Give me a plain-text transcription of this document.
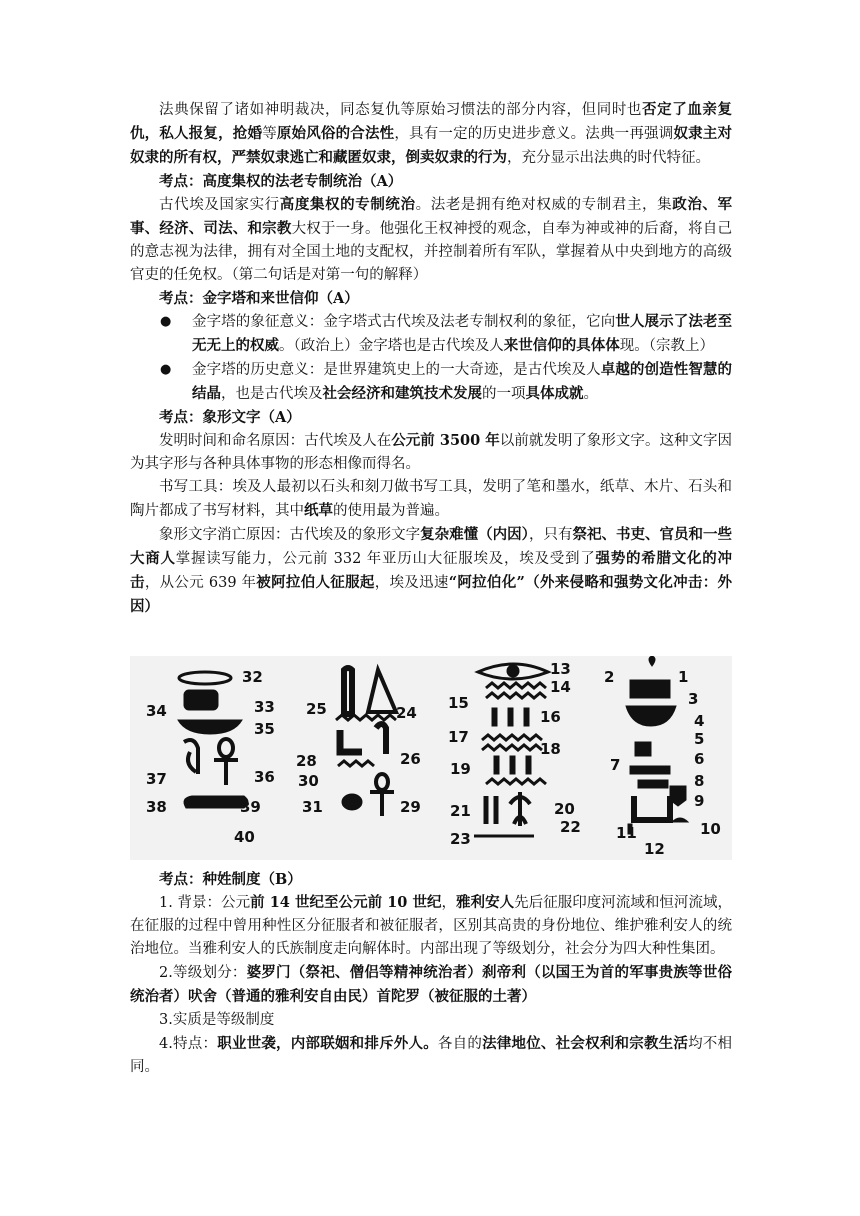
法典保留了诸如神明裁决，同态复仇等原始习惯法的部分内容，但同时也否定了血亲复仇，私人报复，抢婚等原始风俗的合法性，具有一定的历史进步意义。法典一再强调奴隶主对奴隶的所有权，严禁奴隶逃亡和藏匿奴隶，倒卖奴隶的行为，充分显示出法典的时代特征。

考点：高度集权的法老专制统治（A）

古代埃及国家实行高度集权的专制统治。法老是拥有绝对权威的专制君主，集政治、军事、经济、司法、和宗教大权于一身。他强化王权神授的观念，自奉为神或神的后裔，将自己的意志视为法律，拥有对全国土地的支配权，并控制着所有军队，掌握着从中央到地方的高级官吏的任免权。（第二句话是对第一句的解释）

考点：金字塔和来世信仰（A）

● 金字塔的象征意义：金字塔式古代埃及法老专制权利的象征，它向世人展示了法老至无无上的权威。（政治上）金字塔也是古代埃及人来世信仰的具体体现。（宗教上）

● 金字塔的历史意义：是世界建筑史上的一大奇迹，是古代埃及人卓越的创造性智慧的结晶，也是古代埃及社会经济和建筑技术发展的一项具体成就。

考点：象形文字（A）

发明时间和命名原因：古代埃及人在公元前 3500 年以前就发明了象形文字。这种文字因为其字形与各种具体事物的形态相像而得名。

书写工具：埃及人最初以石头和刻刀做书写工具，发明了笔和墨水，纸草、木片、石头和陶片都成了书写材料，其中纸草的使用最为普遍。

象形文字消亡原因：古代埃及的象形文字复杂难懂（内因），只有祭祀、书吏、官员和一些大商人掌握读写能力，公元前 332 年亚历山大征服埃及，埃及受到了强势的希腊文化的冲击，从公元 639 年被阿拉伯人征服起，埃及迅速“阿拉伯化”（外来侵略和强势文化冲击：外因）

32
34	33
35
37	36
38	39
40
25	24
28	26
30
31	29
13
14
15
16
17
18
19
21	20
23
22
2	1
3
4
5
7	6
8
9
11	10
12

考点：种姓制度（B）

1. 背景：公元前 14 世纪至公元前 10 世纪，雅利安人先后征服印度河流域和恒河流域，在征服的过程中曾用种性区分征服者和被征服者，区别其高贵的身份地位、维护雅利安人的统治地位。当雅利安人的氏族制度走向解体时。内部出现了等级划分，社会分为四大种性集团。

2.等级划分：婆罗门（祭祀、僧侣等精神统治者）刹帝利（以国王为首的军事贵族等世俗统治者）吠舍（普通的雅利安自由民）首陀罗（被征服的土著）

3.实质是等级制度

4.特点：职业世袭，内部联姻和排斥外人。各自的法律地位、社会权利和宗教生活均不相同。
